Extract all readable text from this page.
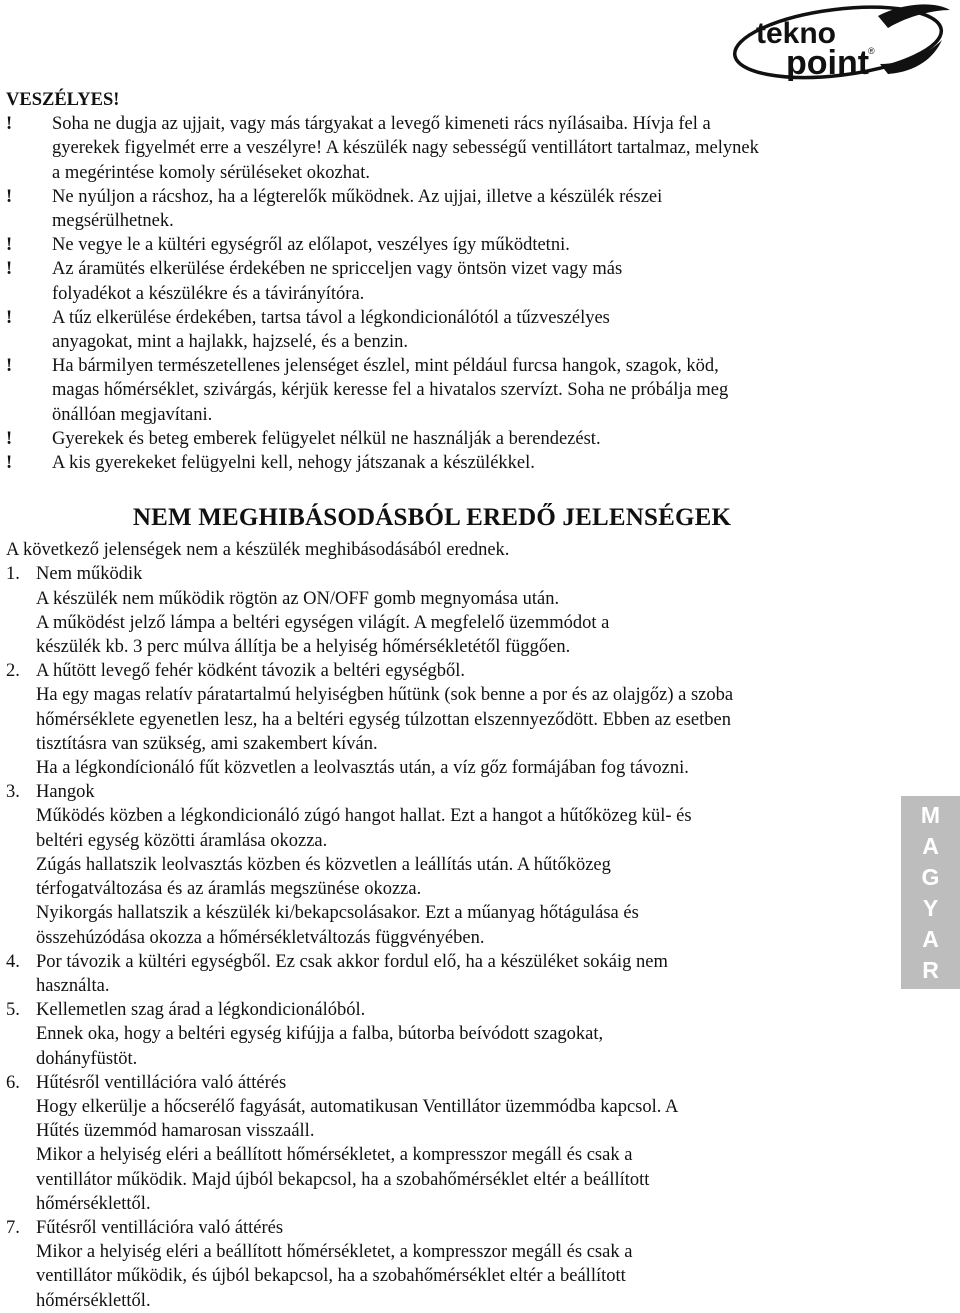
tekno
point
®

VESZÉLYES!

! Soha ne dugja az ujjait, vagy más tárgyakat a levegő kimeneti rács nyílásaiba. Hívja fel a
gyerekek figyelmét erre a veszélyre! A készülék nagy sebességű ventillátort tartalmaz, melynek
a megérintése komoly sérüléseket okozhat.
! Ne nyúljon a rácshoz, ha a légterelők működnek. Az ujjai, illetve a készülék részei
megsérülhetnek.
! Ne vegye le a kültéri egységről az előlapot, veszélyes így működtetni.
! Az áramütés elkerülése érdekében ne spricceljen vagy öntsön vizet vagy más
folyadékot a készülékre és a távirányítóra.
! A tűz elkerülése érdekében, tartsa távol a légkondicionálótól a tűzveszélyes
anyagokat, mint a hajlakk, hajzselé, és a benzin.
! Ha bármilyen természetellenes jelenséget észlel, mint például furcsa hangok, szagok, köd,
magas hőmérséklet, szivárgás, kérjük keresse fel a hivatalos szervízt. Soha ne próbálja meg
önállóan megjavítani.
! Gyerekek és beteg emberek felügyelet nélkül ne használják a berendezést.
! A kis gyerekeket felügyelni kell, nehogy játszanak a készülékkel.
NEM MEGHIBÁSODÁSBÓL EREDŐ JELENSÉGEK

A következő jelenségek nem a készülék meghibásodásából erednek.

1. Nem működik

A készülék nem működik rögtön az ON/OFF gomb megnyomása után.

A működést jelző lámpa a beltéri egységen világít. A megfelelő üzemmódot a
készülék kb. 3 perc múlva állítja be a helyiség hőmérsékletétől függően.

2. A hűtött levegő fehér ködként távozik a beltéri egységből.

Ha egy magas relatív páratartalmú helyiségben hűtünk (sok benne a por és az olajgőz) a szoba
hőmérséklete egyenetlen lesz, ha a beltéri egység túlzottan elszennyeződött. Ebben az esetben
tisztításra van szükség, ami szakembert kíván.

Ha a légkondícionáló fűt közvetlen a leolvasztás után, a víz gőz formájában fog távozni.

3. Hangok

Működés közben a légkondicionáló zúgó hangot hallat. Ezt a hangot a hűtőközeg kül- és
beltéri egység közötti áramlása okozza.

Zúgás hallatszik leolvasztás közben és közvetlen a leállítás után. A hűtőközeg
térfogatváltozása és az áramlás megszünése okozza.

Nyikorgás hallatszik a készülék ki/bekapcsolásakor. Ezt a műanyag hőtágulása és
összehúzódása okozza a hőmérsékletváltozás függvényében.

4. Por távozik a kültéri egységből. Ez csak akkor fordul elő, ha a készüléket sokáig nem
használta.

5. Kellemetlen szag árad a légkondicionálóból.

Ennek oka, hogy a beltéri egység kifújja a falba, bútorba beívódott szagokat,
dohányfüstöt.

6. Hűtésről ventillációra való áttérés

Hogy elkerülje a hőcserélő fagyását, automatikusan Ventillátor üzemmódba kapcsol. A
Hűtés üzemmód hamarosan visszaáll.

Mikor a helyiség eléri a beállított hőmérsékletet, a kompresszor megáll és csak a
ventillátor működik. Majd újból bekapcsol, ha a szobahőmérséklet eltér a beállított
hőmérséklettől.

7. Fűtésről ventillációra való áttérés

Mikor a helyiség eléri a beállított hőmérsékletet, a kompresszor megáll és csak a
ventillátor működik, és újból bekapcsol, ha a szobahőmérséklet eltér a beállított
hőmérséklettől.

M
A
G
Y
A
R
